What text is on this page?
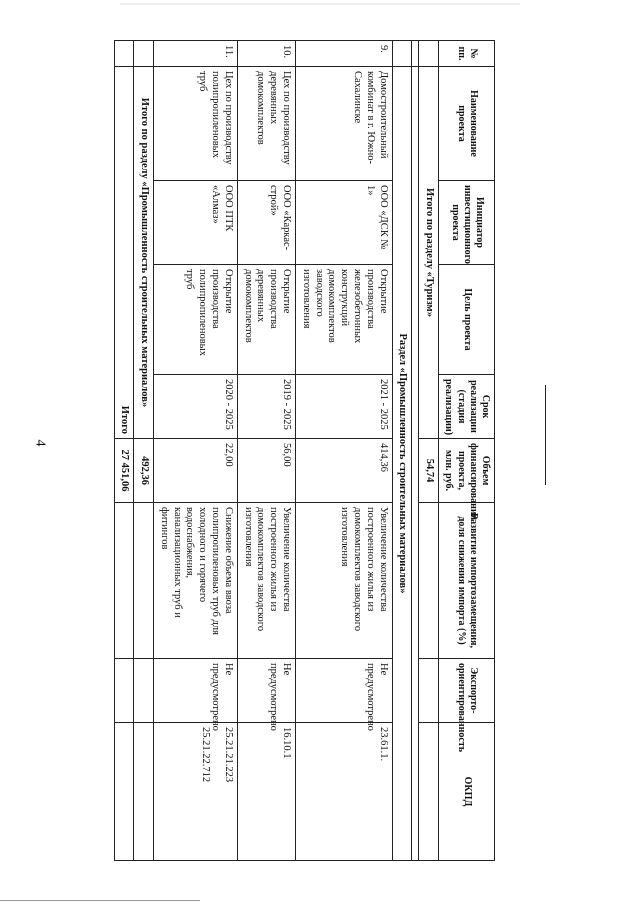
4
№ пп.	Наименование проекта	Инициатор инвестиционного проекта	Цель проекта	Срок реализации (стадия реализации)	Объем финансирования проекта, млн. руб.	Развитие импортозамещения, доля снижения импорта (%)	Экспорто-ориентированность	ОКПД
	Итого по разделу «Туризм»				54,74			

	Раздел «Промышленность строительных материалов»							
9.	Домостроительный комбинат в г. Южно-Сахалинске	ООО «ДСК № 1»	Открытие производства железобетонных конструкций домокомплектов заводского изготовления	2021 - 2025	414,36	Увеличение количества построенного жилья из домокомплектов заводского изготовления	Не предусмотрено	23.61.1.

10.	Цех по производству деревянных домокомплектов	ООО «Каркас-строй»	Открытие производства деревянных домокомплектов	2019 - 2025	56,00	Увеличение количества построенного жилья из домокомплектов заводского изготовления	Не предусмотрено	16.10.1

11.	Цех по производству полипропиленовых труб	ООО ПТК «Алмаз»	Открытие производства полипропиленовых труб	2020 - 2025	22,00	Снижение объема ввоза полипропиленовых труб для холодного и горячего водоснабжения, канализационных труб и фитингов	Не предусмотрено	25.21.21.223
25.21.22.712

	Итого по разделу «Промышленность строительных материалов»				492,36			
	Итого				27 451,06			
